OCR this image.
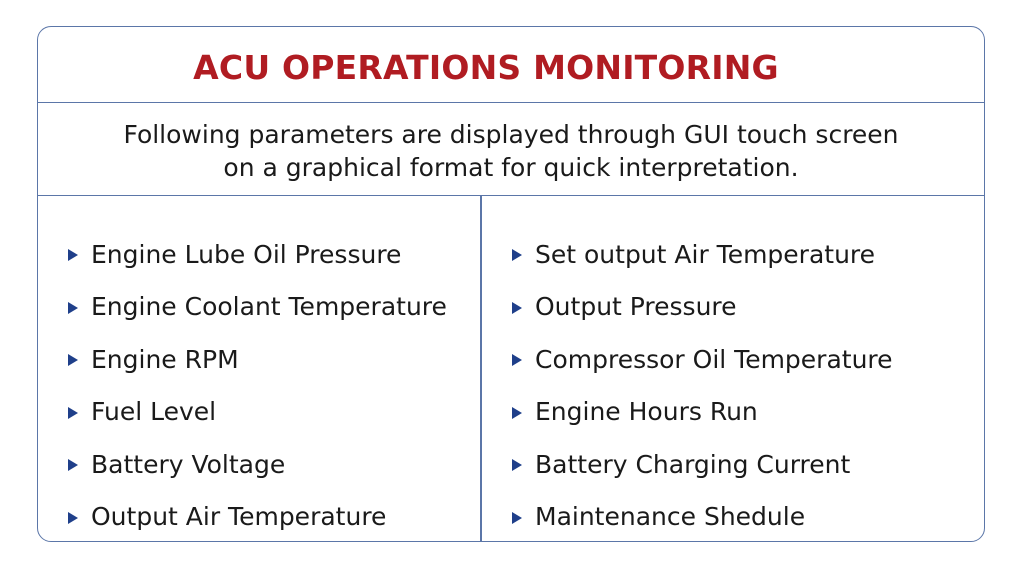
ACU OPERATIONS MONITORING
Following parameters are displayed through GUI touch screen
on a graphical format for quick interpretation.
Engine Lube Oil Pressure
Engine Coolant Temperature
Engine RPM
Fuel Level
Battery Voltage
Output Air Temperature
Set output Air Temperature
Output Pressure
Compressor Oil Temperature
Engine Hours Run
Battery Charging Current
Maintenance Shedule
